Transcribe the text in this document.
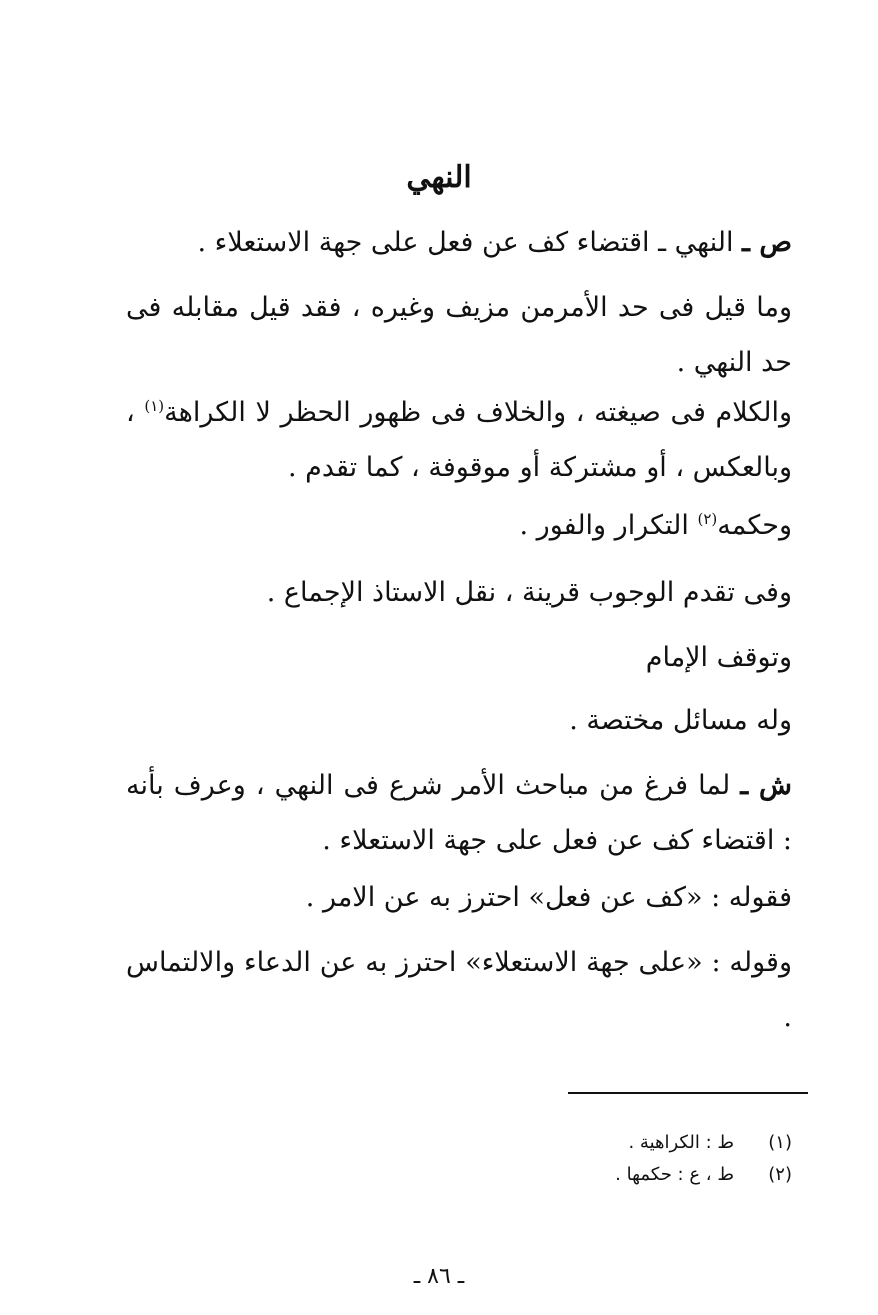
النهي

ص ـ النهي ـ اقتضاء كف عن فعل على جهة الاستعلاء .

وما قيل فى حد الأمرمن مزيف وغيره ، فقد قيل مقابله فى حد النهي .

والكلام فى صيغته ، والخلاف فى ظهور الحظر لا الكراهة$^{(١)}$ ، وبالعكس ، أو مشتركة أو موقوفة ، كما تقدم .

وحكمه$^{(٢)}$ التكرار والفور .

وفى تقدم الوجوب قرينة ، نقل الاستاذ الإجماع .

وتوقف الإمام

وله مسائل مختصة .

ش ـ لما فرغ من مباحث الأمر شرع فى النهي ، وعرف بأنه : اقتضاء كف عن فعل على جهة الاستعلاء .

فقوله : «كف عن فعل» احترز به عن الامر .

وقوله : «على جهة الاستعلاء» احترز به عن الدعاء والالتماس .

(١)ط : الكراهية .
(٢)ط ، ع : حكمها .
ـ ٨٦ ـ
